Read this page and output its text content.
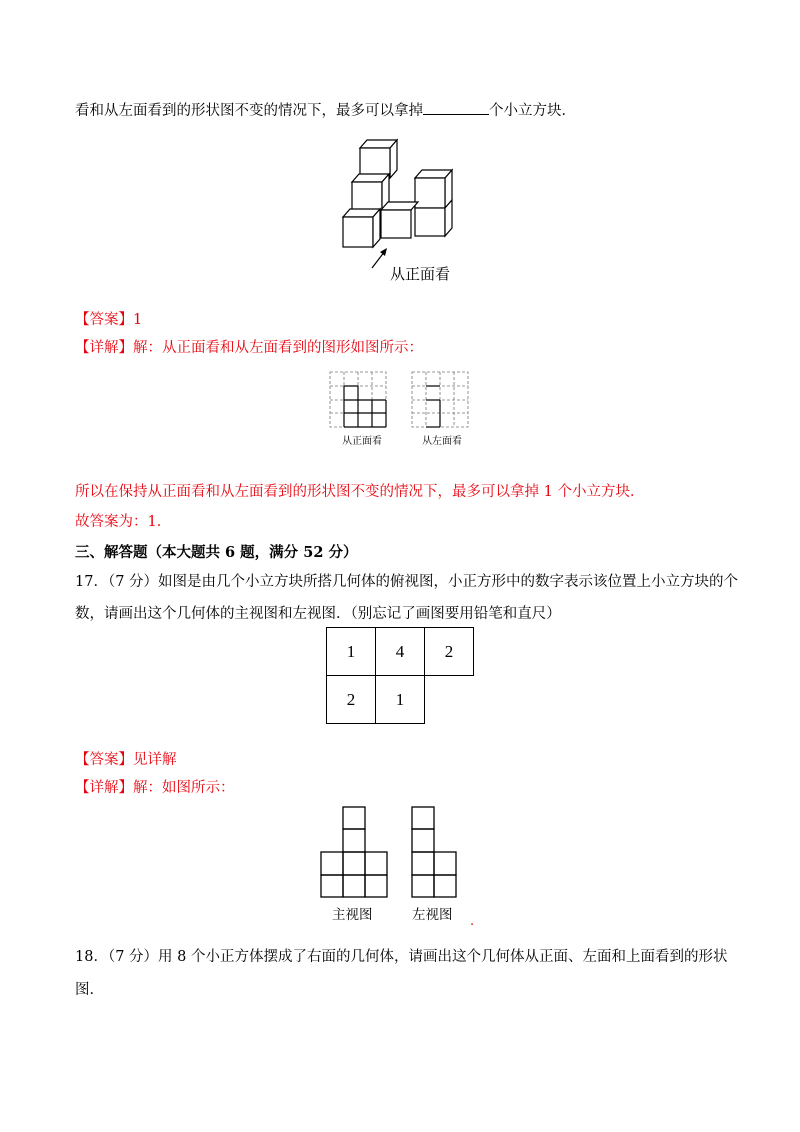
看和从左面看到的形状图不变的情况下，最多可以拿掉	个小立方块．
从正面看
【答案】1
【详解】解：从正面看和从左面看到的图形如图所示：
从正面看	从左面看
所以在保持从正面看和从左面看到的形状图不变的情况下，最多可以拿掉 1 个小立方块．
故答案为：1．
三、解答题（本大题共 6 题，满分 52 分）
17．（7 分）如图是由几个小立方块所搭几何体的俯视图，小正方形中的数字表示该位置上小立方块的个
数，请画出这个几何体的主视图和左视图．（别忘记了画图要用铅笔和直尺）
1	4	2
2	1	
【答案】见详解
【详解】解：如图所示：
主视图	左视图 .
18．（7 分）用 8 个小正方体摆成了右面的几何体，请画出这个几何体从正面、左面和上面看到的形状
图．
